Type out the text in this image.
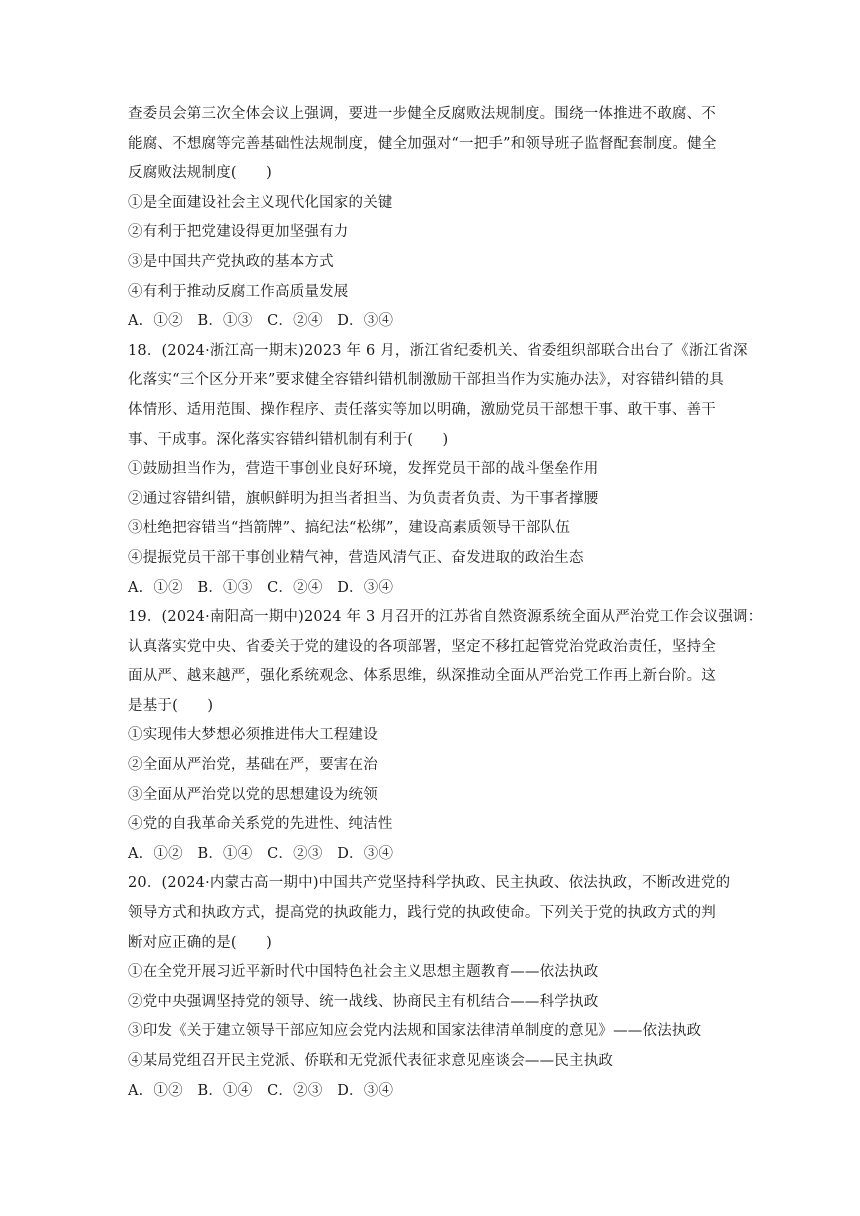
查委员会第三次全体会议上强调，要进一步健全反腐败法规制度。围绕一体推进不敢腐、不
能腐、不想腐等完善基础性法规制度，健全加强对“一把手”和领导班子监督配套制度。健全
反腐败法规制度(　　)
①是全面建设社会主义现代化国家的关键
②有利于把党建设得更加坚强有力
③是中国共产党执政的基本方式
④有利于推动反腐工作高质量发展
A．①②　B．①③　C．②④　D．③④
18．(2024·浙江高一期末)2023 年 6 月，浙江省纪委机关、省委组织部联合出台了《浙江省深
化落实“三个区分开来”要求健全容错纠错机制激励干部担当作为实施办法》，对容错纠错的具
体情形、适用范围、操作程序、责任落实等加以明确，激励党员干部想干事、敢干事、善干
事、干成事。深化落实容错纠错机制有利于(　　)
①鼓励担当作为，营造干事创业良好环境，发挥党员干部的战斗堡垒作用
②通过容错纠错，旗帜鲜明为担当者担当、为负责者负责、为干事者撑腰
③杜绝把容错当“挡箭牌”、搞纪法“松绑”，建设高素质领导干部队伍
④提振党员干部干事创业精气神，营造风清气正、奋发进取的政治生态
A．①②　B．①③　C．②④　D．③④
19．(2024·南阳高一期中)2024 年 3 月召开的江苏省自然资源系统全面从严治党工作会议强调：
认真落实党中央、省委关于党的建设的各项部署，坚定不移扛起管党治党政治责任，坚持全
面从严、越来越严，强化系统观念、体系思维，纵深推动全面从严治党工作再上新台阶。这
是基于(　　)
①实现伟大梦想必须推进伟大工程建设
②全面从严治党，基础在严，要害在治
③全面从严治党以党的思想建设为统领
④党的自我革命关系党的先进性、纯洁性
A．①②　B．①④　C．②③　D．③④
20．(2024·内蒙古高一期中)中国共产党坚持科学执政、民主执政、依法执政，不断改进党的
领导方式和执政方式，提高党的执政能力，践行党的执政使命。下列关于党的执政方式的判
断对应正确的是(　　)
①在全党开展习近平新时代中国特色社会主义思想主题教育——依法执政
②党中央强调坚持党的领导、统一战线、协商民主有机结合——科学执政
③印发《关于建立领导干部应知应会党内法规和国家法律清单制度的意见》——依法执政
④某局党组召开民主党派、侨联和无党派代表征求意见座谈会——民主执政
A．①②　B．①④　C．②③　D．③④
